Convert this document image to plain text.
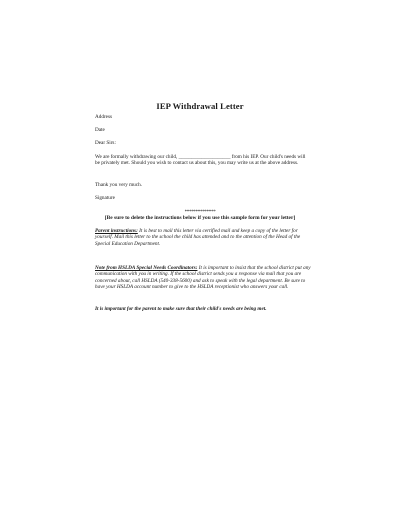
IEP Withdrawal Letter
Address
Date
Dear Sirs:
We are formally withdrawing our child, ____________________ from his IEP. Our child's needs will be privately met. Should you wish to contact us about this, you may write us at the above address.
Thank you very much.
Signature
**************
[Be sure to delete the instructions below if you use this sample form for your letter]
Parent instructions: It is best to mail this letter via certified mail and keep a copy of the letter for yourself. Mail this letter to the school the child has attended and to the attention of the Head of the Special Education Department.
Note from HSLDA Special Needs Coordinators: It is important to insist that the school district put any communication with you in writing. If the school district sends you a response via mail that you are concerned about, call HSLDA (540-338-5600) and ask to speak with the legal department. Be sure to have your HSLDA account number to give to the HSLDA receptionist who answers your call.
It is important for the parent to make sure that their child's needs are being met.
